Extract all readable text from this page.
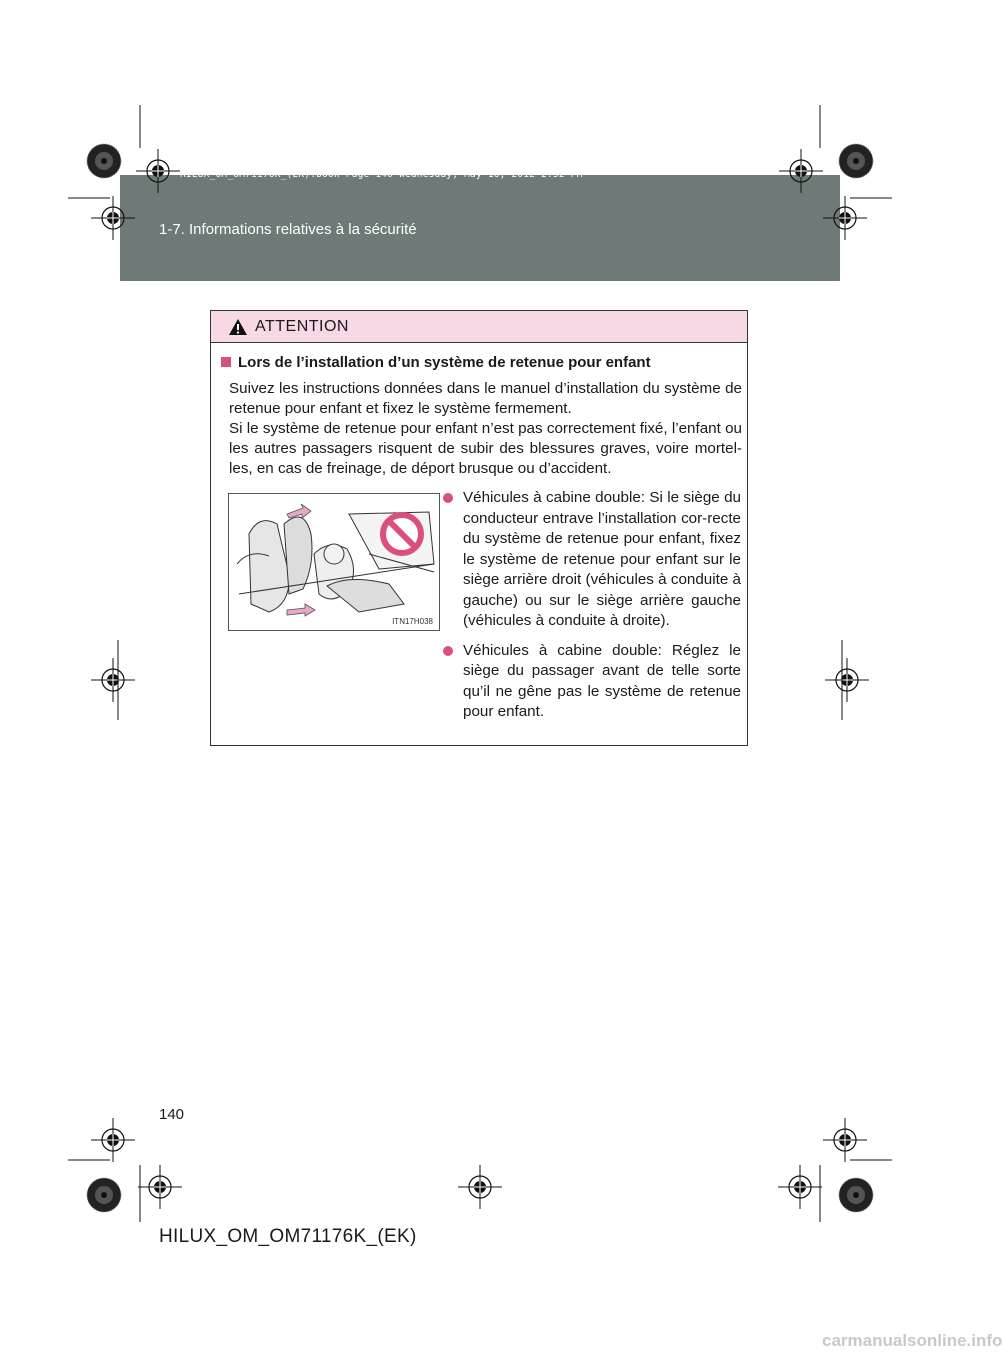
HILUX_OM_OM71176K_(EK).book Page 140 Wednesday, May 16, 2012 2:32 PM
1-7. Informations relatives à la sécurité
ATTENTION
Lors de l’installation d’un système de retenue pour enfant
Suivez les instructions données dans le manuel d’installation du système de retenue pour enfant et fixez le système fermement.
Si le système de retenue pour enfant n’est pas correctement fixé, l’enfant ou les autres passagers risquent de subir des blessures graves, voire mortel-les, en cas de freinage, de déport brusque ou d’accident.
ITN17H038
Véhicules à cabine double: Si le siège du conducteur entrave l’installation cor-recte du système de retenue pour enfant, fixez le système de retenue pour enfant sur le siège arrière droit (véhicules à conduite à gauche) ou sur le siège arrière gauche (véhicules à conduite à droite).
Véhicules à cabine double: Réglez le siège du passager avant de telle sorte qu’il ne gêne pas le système de retenue pour enfant.
140
HILUX_OM_OM71176K_(EK)
carmanualsonline.info
